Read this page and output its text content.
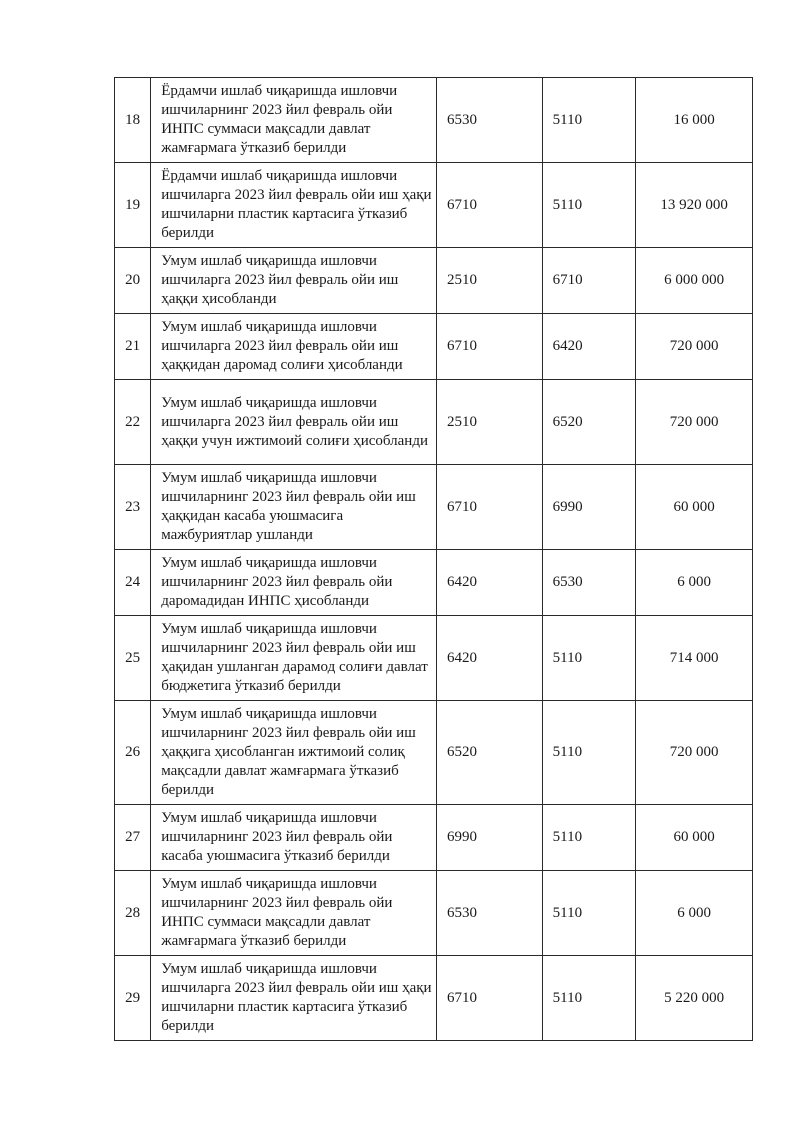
18	Ёрдамчи ишлаб чиқаришда ишловчи ишчиларнинг 2023 йил февраль ойи ИНПС суммаси мақсадли давлат жамғармага ўтказиб берилди	6530	5110	16 000
19	Ёрдамчи ишлаб чиқаришда ишловчи ишчиларга 2023 йил февраль ойи иш ҳақи ишчиларни пластик картасига ўтказиб берилди	6710	5110	13 920 000
20	Умум ишлаб чиқаришда ишловчи ишчиларга 2023 йил февраль ойи иш ҳаққи ҳисобланди	2510	6710	6 000 000
21	Умум ишлаб чиқаришда ишловчи ишчиларга 2023 йил февраль ойи иш ҳаққидан даромад солиғи ҳисобланди	6710	6420	720 000
22	Умум ишлаб чиқаришда ишловчи ишчиларга 2023 йил февраль ойи иш ҳаққи учун ижтимоий солиғи ҳисобланди	2510	6520	720 000
23	Умум ишлаб чиқаришда ишловчи ишчиларнинг 2023 йил февраль ойи иш ҳаққидан касаба уюшмасига мажбуриятлар ушланди	6710	6990	60 000
24	Умум ишлаб чиқаришда ишловчи ишчиларнинг 2023 йил февраль ойи даромадидан ИНПС ҳисобланди	6420	6530	6 000
25	Умум ишлаб чиқаришда ишловчи ишчиларнинг 2023 йил февраль ойи иш ҳақидан ушланган дарамод солиғи давлат бюджетига ўтказиб берилди	6420	5110	714 000
26	Умум ишлаб чиқаришда ишловчи ишчиларнинг 2023 йил февраль ойи иш ҳаққига ҳисобланган ижтимоий солиқ мақсадли давлат жамғармага ўтказиб берилди	6520	5110	720 000
27	Умум ишлаб чиқаришда ишловчи ишчиларнинг 2023 йил февраль ойи касаба уюшмасига ўтказиб берилди	6990	5110	60 000
28	Умум ишлаб чиқаришда ишловчи ишчиларнинг 2023 йил февраль ойи ИНПС суммаси мақсадли давлат жамғармага ўтказиб берилди	6530	5110	6 000
29	Умум ишлаб чиқаришда ишловчи ишчиларга 2023 йил февраль ойи иш ҳақи ишчиларни пластик картасига ўтказиб берилди	6710	5110	5 220 000
